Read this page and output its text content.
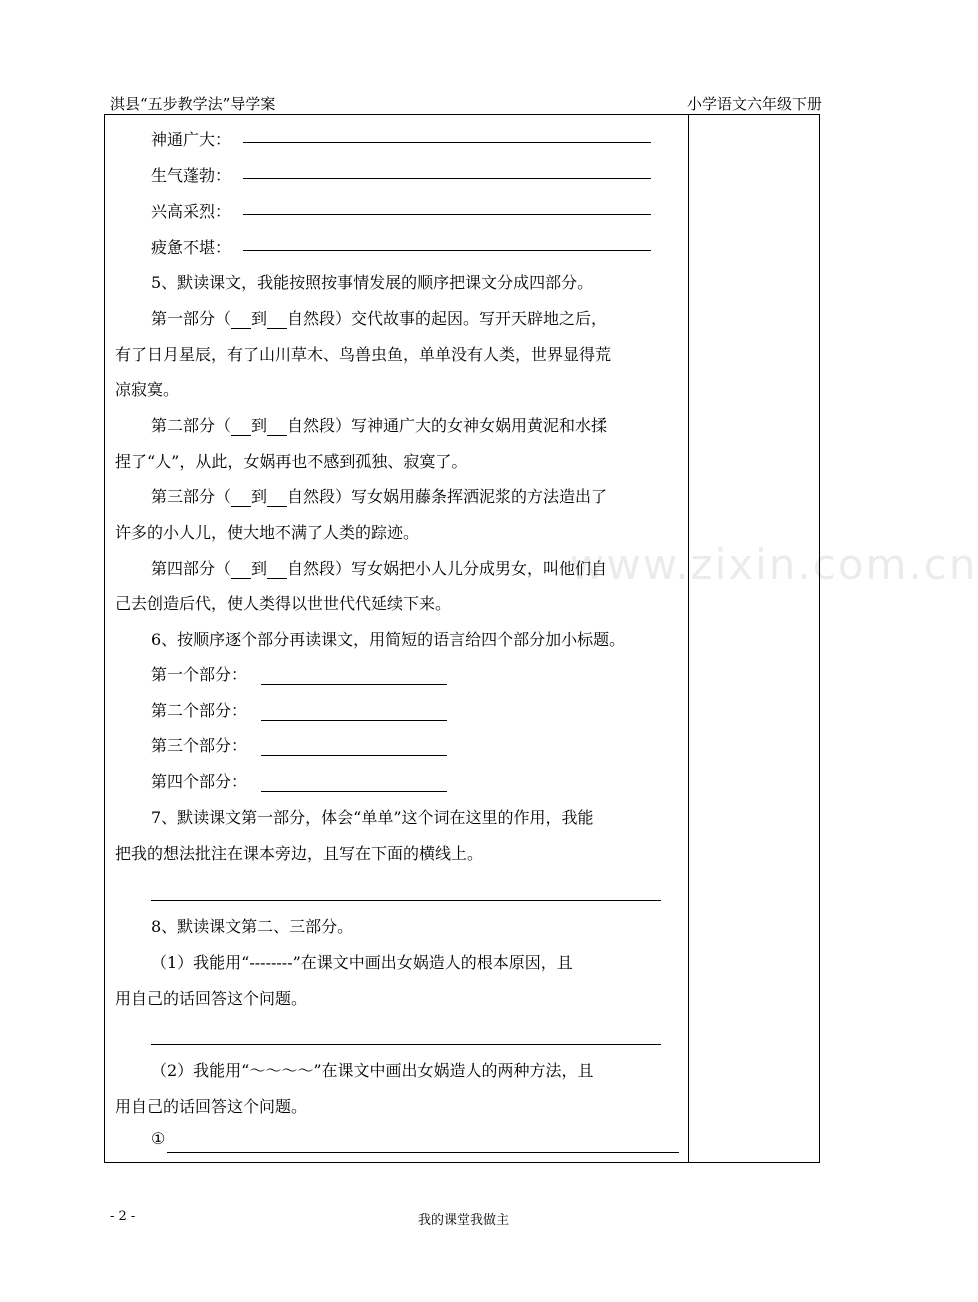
淇县“五步教学法”导学案	小学语文六年级下册
www.zixin.com.cn
神通广大：
生气蓬勃：
兴高采烈：
疲惫不堪：
5、默读课文，我能按照按事情发展的顺序把课文分成四部分。
第一部分（ 到 自然段）交代故事的起因。写开天辟地之后，
有了日月星辰，有了山川草木、鸟兽虫鱼，单单没有人类，世界显得荒
凉寂寞。
第二部分（ 到 自然段）写神通广大的女神女娲用黄泥和水揉
捏了“人”，从此，女娲再也不感到孤独、寂寞了。
第三部分（ 到 自然段）写女娲用藤条挥洒泥浆的方法造出了
许多的小人儿，使大地不满了人类的踪迹。
第四部分（ 到 自然段）写女娲把小人儿分成男女，叫他们自
己去创造后代，使人类得以世世代代延续下来。
6、按顺序逐个部分再读课文，用简短的语言给四个部分加小标题。
第一个部分：
第二个部分：
第三个部分：
第四个部分：
7、默读课文第一部分，体会“单单”这个词在这里的作用，我能
把我的想法批注在课本旁边，且写在下面的横线上。
8、默读课文第二、三部分。
（1）我能用“--------”在课文中画出女娲造人的根本原因，且
用自己的话回答这个问题。
（2）我能用“～～～～”在课文中画出女娲造人的两种方法，且
用自己的话回答这个问题。
①
- 2 -	我的课堂我做主
